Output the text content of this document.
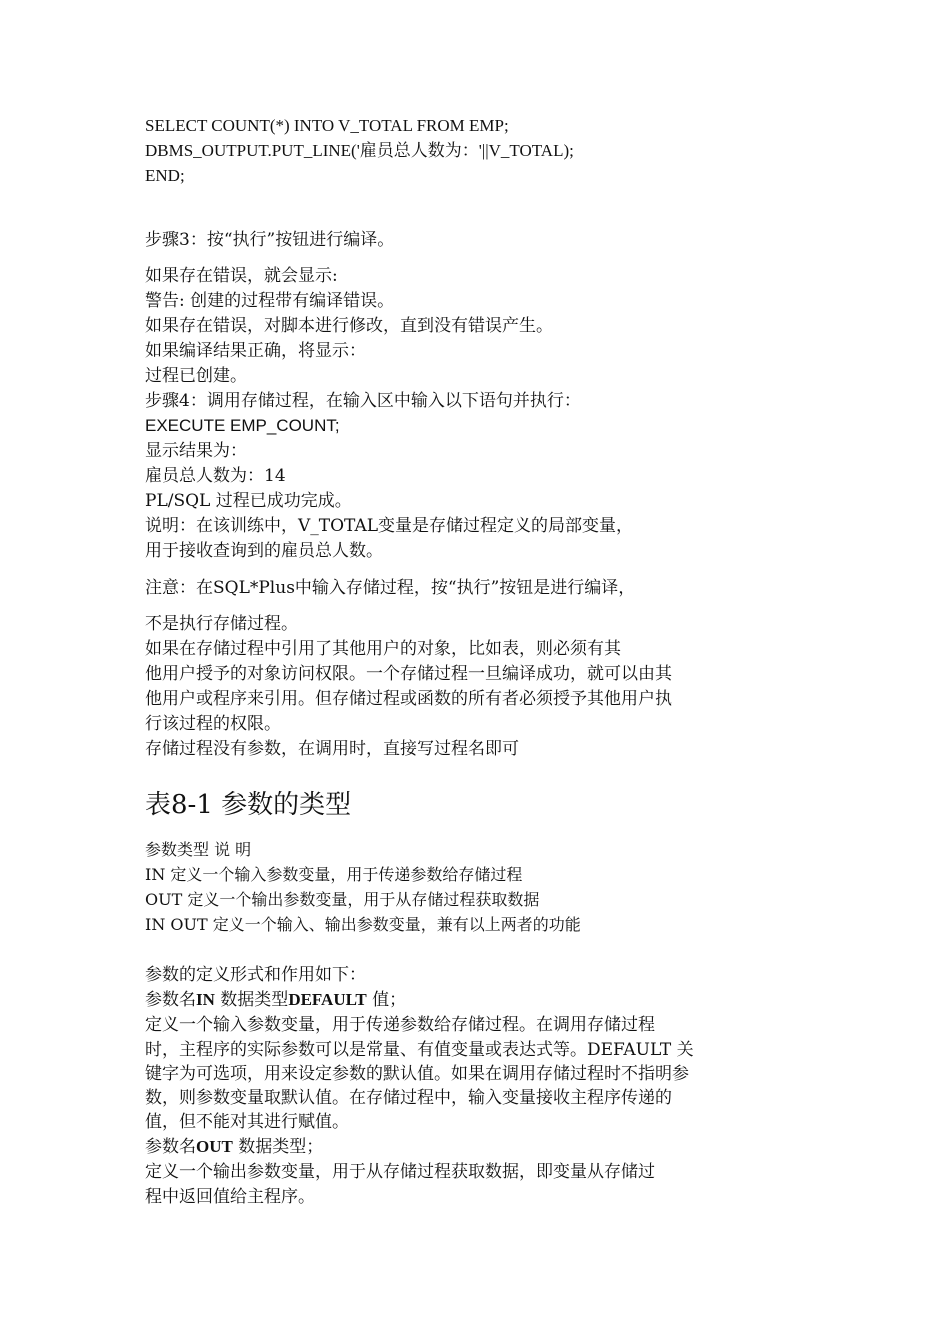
SELECT COUNT(*) INTO V_TOTAL FROM EMP;
DBMS_OUTPUT.PUT_LINE('雇员总人数为：'||V_TOTAL);
END;
步骤3：按“执行”按钮进行编译。
如果存在错误，就会显示:
警告: 创建的过程带有编译错误。
如果存在错误，对脚本进行修改，直到没有错误产生。
如果编译结果正确，将显示：
过程已创建。
步骤4：调用存储过程，在输入区中输入以下语句并执行：
EXECUTE EMP_COUNT;
显示结果为：
雇员总人数为：14
PL/SQL 过程已成功完成。
说明：在该训练中，V_TOTAL变量是存储过程定义的局部变量，
用于接收查询到的雇员总人数。
注意：在SQL*Plus中输入存储过程，按“执行”按钮是进行编译，
不是执行存储过程。
如果在存储过程中引用了其他用户的对象，比如表，则必须有其
他用户授予的对象访问权限。一个存储过程一旦编译成功，就可以由其
他用户或程序来引用。但存储过程或函数的所有者必须授予其他用户执
行该过程的权限。
存储过程没有参数，在调用时，直接写过程名即可
表8-1 参数的类型
参数类型 说 明
IN 定义一个输入参数变量，用于传递参数给存储过程
OUT 定义一个输出参数变量，用于从存储过程获取数据
IN OUT 定义一个输入、输出参数变量，兼有以上两者的功能
参数的定义形式和作用如下：
参数名IN 数据类型DEFAULT 值；
定义一个输入参数变量，用于传递参数给存储过程。在调用存储过程
时，主程序的实际参数可以是常量、有值变量或表达式等。DEFAULT 关
键字为可选项，用来设定参数的默认值。如果在调用存储过程时不指明参
数，则参数变量取默认值。在存储过程中，输入变量接收主程序传递的
值，但不能对其进行赋值。
参数名OUT 数据类型；
定义一个输出参数变量，用于从存储过程获取数据，即变量从存储过
程中返回值给主程序。
